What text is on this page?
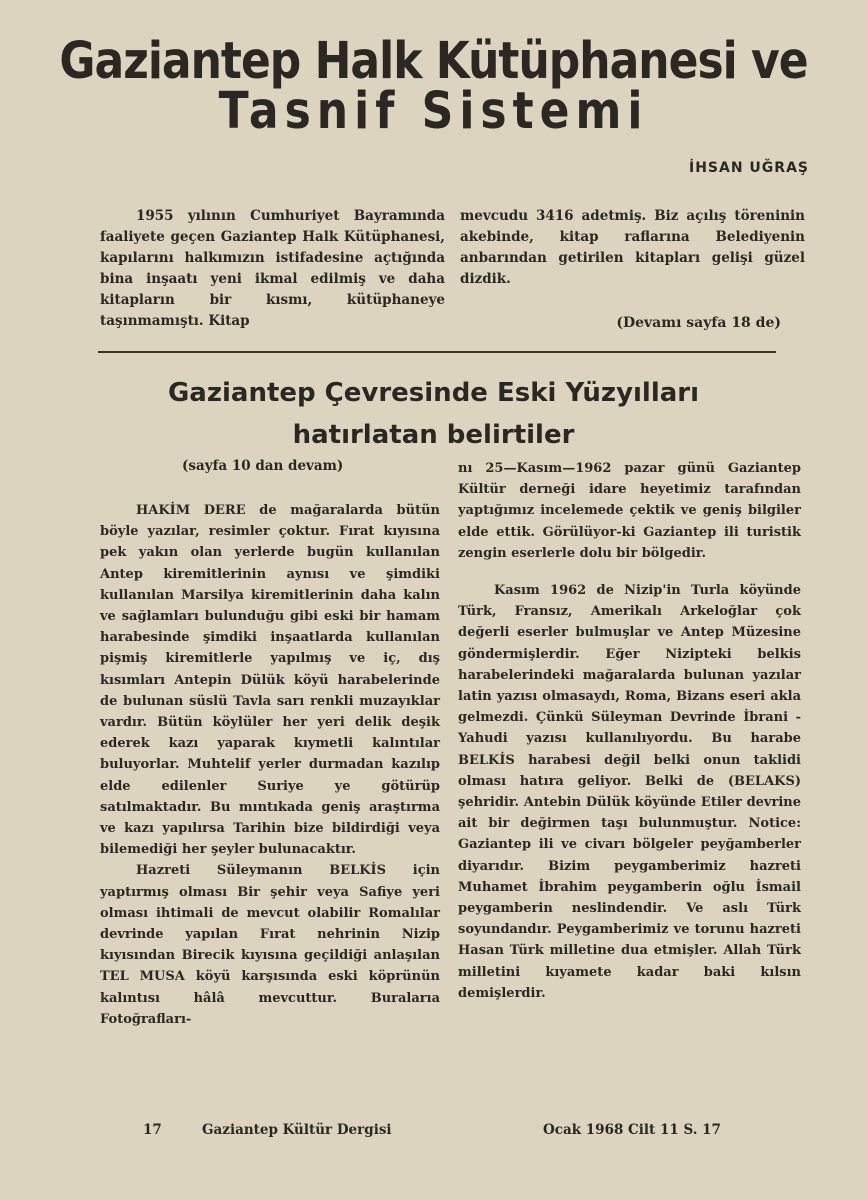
Gaziantep Halk Kütüphanesi ve
Tasnif Sistemi
İHSAN UĞRAŞ

1955 yılının Cumhuriyet Bayramında faaliyete geçen Gaziantep Halk Kütüphanesi, kapılarını halkımızın istifadesine açtığında bina inşaatı yeni ikmal edilmiş ve daha kitapların bir kısmı, kütüphaneye taşınmamıştı. Kitap

mevcudu 3416 adetmiş. Biz açılış töreninin akebinde, kitap raflarına Belediyenin anbarından getirilen kitapları gelişi güzel dizdik.

(Devamı sayfa 18 de)
Gaziantep Çevresinde Eski Yüzyılları
hatırlatan belirtiler
(sayfa 10 dan devam)

HAKİM DERE de mağaralarda bütün böyle yazılar, resimler çoktur. Fırat kıyısına pek yakın olan yerlerde bugün kullanılan Antep kiremitlerinin aynısı ve şimdiki kullanılan Marsilya kiremitlerinin daha kalın ve sağlamları bulunduğu gibi eski bir hamam harabesinde şimdiki inşaatlarda kullanılan pişmiş kiremitlerle yapılmış ve iç, dış kısımları Antepin Dülük köyü harabelerinde de bulunan süslü Tavla sarı renkli muzayıklar vardır. Bütün köylüler her yeri delik deşik ederek kazı yaparak kıymetli kalıntılar buluyorlar. Muhtelif yerler durmadan kazılıp elde edilenler Suriye ye götürüp satılmaktadır. Bu mıntıkada geniş araştırma ve kazı yapılırsa Tarihin bize bildirdiği veya bilemediği her şeyler bulunacaktır.

Hazreti Süleymanın BELKİS için yaptırmış olması Bir şehir veya Safiye yeri olması ihtimali de mevcut olabilir Romalılar devrinde yapılan Fırat nehrinin Nizip kıyısından Birecik kıyısına geçildiği anlaşılan TEL MUSA köyü karşısında eski köprünün kalıntısı hâlâ mevcuttur. Buralarıa Fotoğrafları-

nı 25—Kasım—1962 pazar günü Gaziantep Kültür derneği idare heyetimiz tarafından yaptığımız incelemede çektik ve geniş bilgiler elde ettik. Görülüyor-ki Gaziantep ili turistik zengin eserlerle dolu bir bölgedir.

Kasım 1962 de Nizip'in Turla köyünde Türk, Fransız, Amerikalı Arkeloğlar çok değerli eserler bulmuşlar ve Antep Müzesine göndermişlerdir. Eğer Nizipteki belkis harabelerindeki mağaralarda bulunan yazılar latin yazısı olmasaydı, Roma, Bizans eseri akla gelmezdi. Çünkü Süleyman Devrinde İbrani - Yahudi yazısı kullanılıyordu. Bu harabe BELKİS harabesi değil belki onun taklidi olması hatıra geliyor. Belki de (BELAKS) şehridir. Antebin Dülük köyünde Etiler devrine ait bir değirmen taşı bulunmuştur. Notice: Gaziantep ili ve civarı bölgeler peyğamberler diyarıdır. Bizim peygamberimiz hazreti Muhamet İbrahim peygamberin oğlu İsmail peygamberin neslindendir. Ve aslı Türk soyundandır. Peygamberimiz ve torunu hazreti Hasan Türk milletine dua etmişler. Allah Türk milletini kıyamete kadar baki kılsın demişlerdir.

17	Gaziantep Kültür Dergisi	Ocak 1968 Cilt 11 S. 17
